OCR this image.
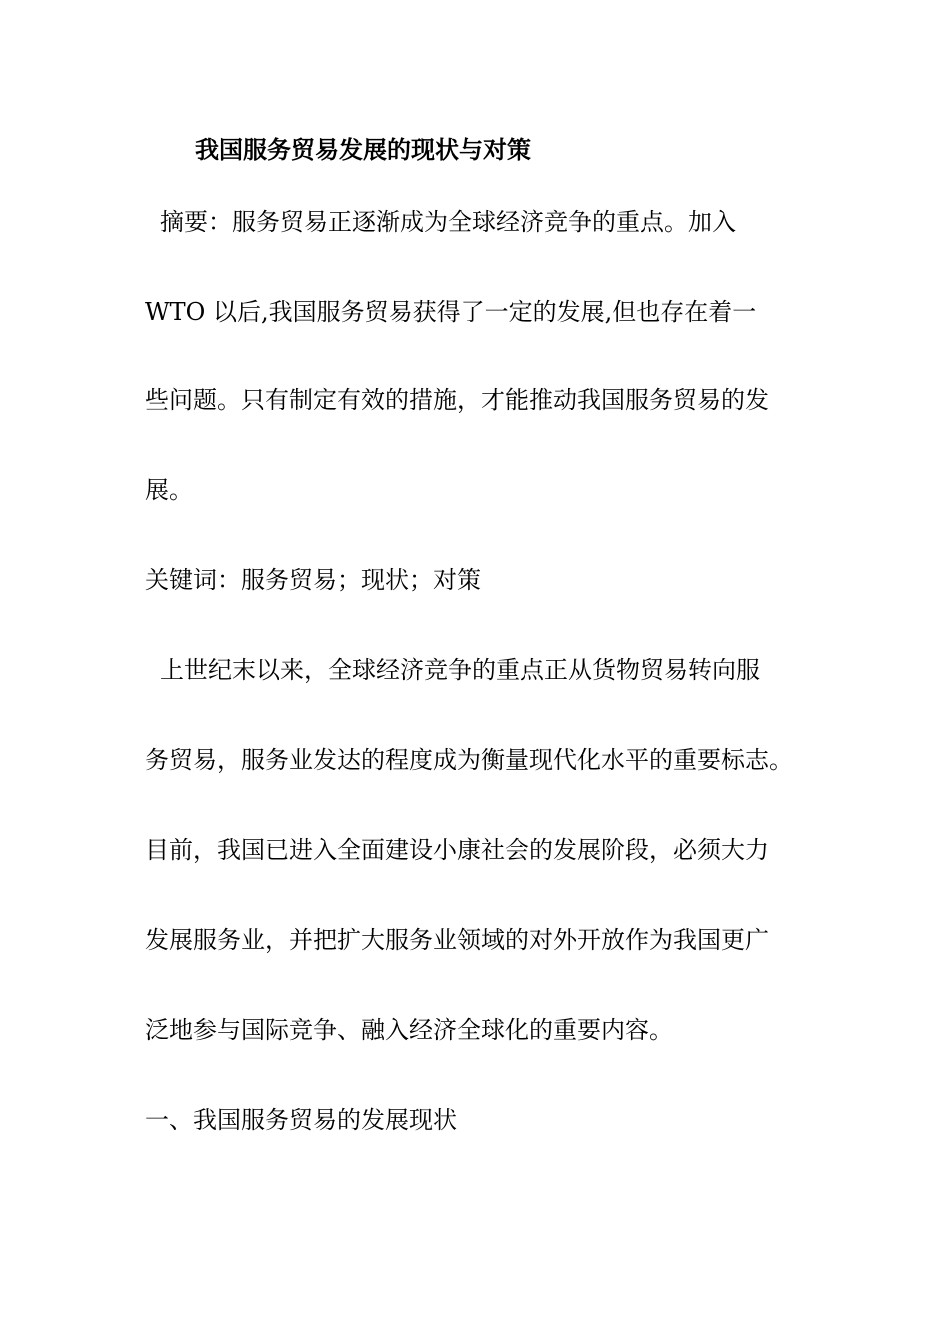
我国服务贸易发展的现状与对策
摘要：服务贸易正逐渐成为全球经济竞争的重点。加入
WTO 以后,我国服务贸易获得了一定的发展,但也存在着一
些问题。只有制定有效的措施，才能推动我国服务贸易的发
展。
关键词：服务贸易；现状；对策
上世纪末以来，全球经济竞争的重点正从货物贸易转向服
务贸易，服务业发达的程度成为衡量现代化水平的重要标志。
目前，我国已进入全面建设小康社会的发展阶段，必须大力
发展服务业，并把扩大服务业领域的对外开放作为我国更广
泛地参与国际竞争、融入经济全球化的重要内容。
一、我国服务贸易的发展现状
